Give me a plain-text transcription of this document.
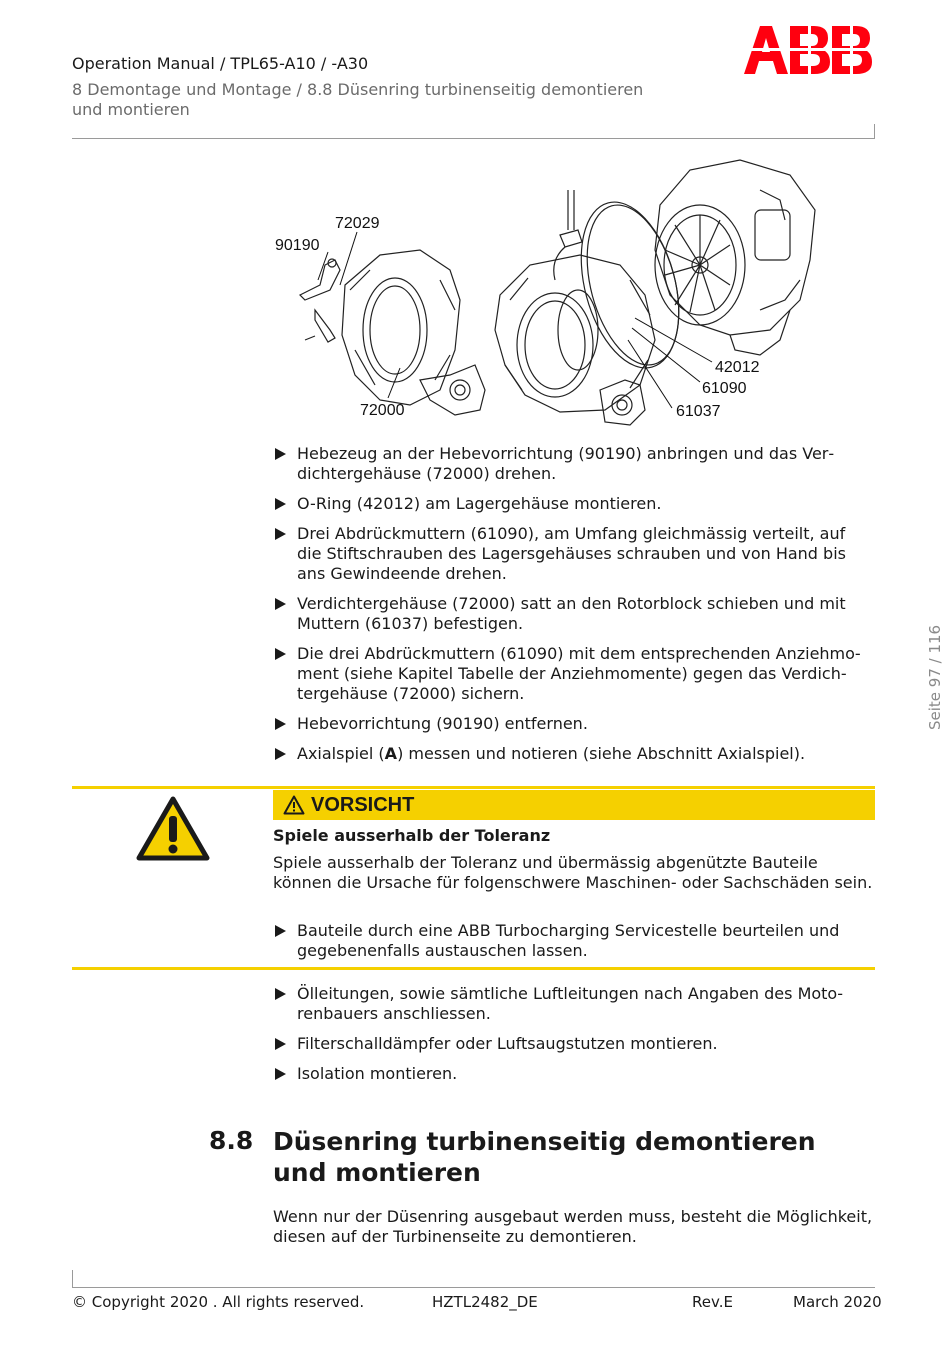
Operation Manual / TPL65-A10 / -A30
8 Demontage und Montage / 8.8 Düsenring turbinenseitig demontieren und montieren
90190
72029
72000
42012
61090
61037
Hebezeug an der Hebevorrichtung (90190) anbringen und das Verdichtergehäuse (72000) drehen.
O-Ring (42012) am Lagergehäuse montieren.
Drei Abdrückmuttern (61090), am Umfang gleichmässig verteilt, auf die Stiftschrauben des Lagersgehäuses schrauben und von Hand bis ans Gewindeende drehen.
Verdichtergehäuse (72000) satt an den Rotorblock schieben und mit Muttern (61037) befestigen.
Die drei Abdrückmuttern (61090) mit dem entsprechenden Anziehmoment (siehe Kapitel Tabelle der Anziehmomente) gegen das Verdichtergehäuse (72000) sichern.
Hebevorrichtung (90190) entfernen.
Axialspiel (A) messen und notieren (siehe Abschnitt Axialspiel).
VORSICHT
Spiele ausserhalb der Toleranz
Spiele ausserhalb der Toleranz und übermässig abgenützte Bauteile können die Ursache für folgenschwere Maschinen- oder Sachschäden sein.
Bauteile durch eine ABB Turbocharging Servicestelle beurteilen und gegebenenfalls austauschen lassen.
Ölleitungen, sowie sämtliche Luftleitungen nach Angaben des Motorenbauers anschliessen.
Filterschalldämpfer oder Luftsaugstutzen montieren.
Isolation montieren.
8.8 Düsenring turbinenseitig demontieren und montieren
Wenn nur der Düsenring ausgebaut werden muss, besteht die Möglichkeit, diesen auf der Turbinenseite zu demontieren.
Seite 97 / 116
© Copyright 2020 . All rights reserved.	HZTL2482_DE	Rev.E	March 2020
